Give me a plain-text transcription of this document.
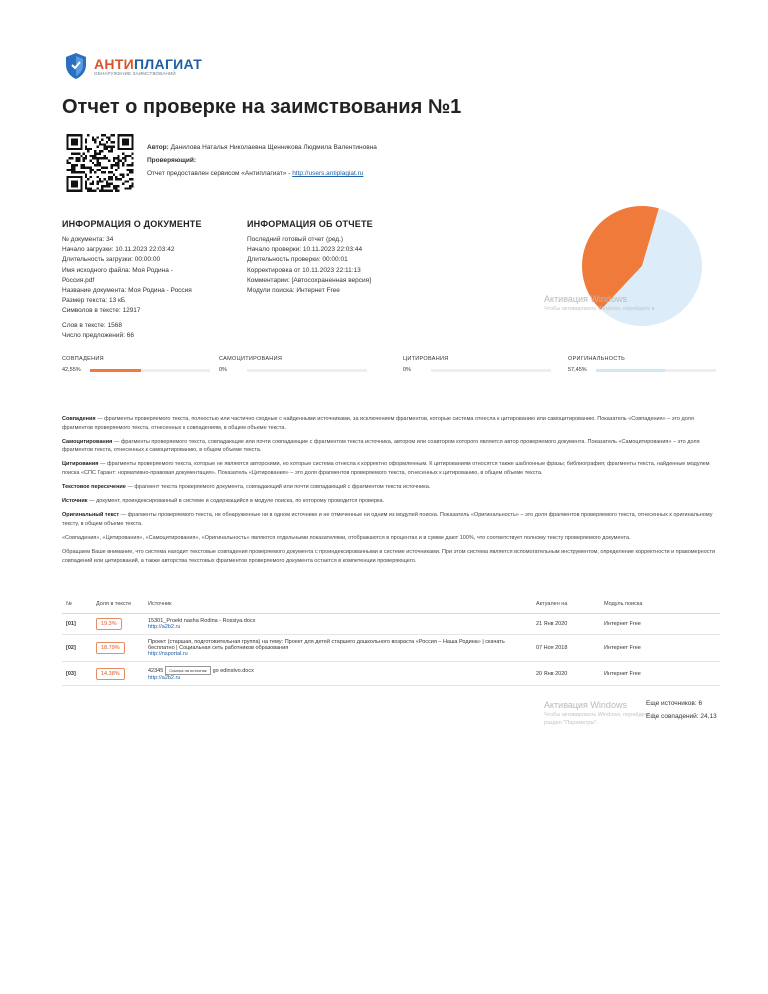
АНТИПЛАГИАТ
ОБНАРУЖЕНИЕ ЗАИМСТВОВАНИЙ
Отчет о проверке на заимствования №1
Автор: Данилова Наталья Николаевна Щенникова Людмила Валентиновна
Проверяющий:
Отчет предоставлен сервисом «Антиплагиат» - http://users.antiplagiat.ru
ИНФОРМАЦИЯ О ДОКУМЕНТЕ
№ документа: 34
Начало загрузки: 10.11.2023 22:03:42
Длительность загрузки: 00:00:00
Имя исходного файла: Моя Родина -
Россия.pdf
Название документа: Моя Родина - Россия
Размер текста: 13 кБ
Символов в тексте: 12917
Слов в тексте: 1568
Число предложений: 66
ИНФОРМАЦИЯ ОБ ОТЧЕТЕ
Последний готовый отчет (ред.)
Начало проверки: 10.11.2023 22:03:44
Длительность проверки: 00:00:01
Корректировка от 10.11.2023 22:11:13
Комментарии: [Автосохраненная версия]
Модули поиска: Интернет Free
Активация Windows
Чтобы активировать Windows, перейдите в
СОВПАДЕНИЯ
42,55%
САМОЦИТИРОВАНИЯ
0%
ЦИТИРОВАНИЯ
0%
ОРИГИНАЛЬНОСТЬ
57,45%

Совпадения — фрагменты проверяемого текста, полностью или частично сходные с найденными источниками, за исключением фрагментов, которые система отнесла к цитированию или самоцитированию. Показатель «Совпадения» – это доля фрагментов проверяемого текста, отнесенных к совпадениям, в общем объеме текста.

Самоцитирования — фрагменты проверяемого текста, совпадающие или почти совпадающие с фрагментом текста источника, автором или соавтором которого является автор проверяемого документа. Показатель «Самоцитирования» – это доля фрагментов текста, отнесенных к самоцитированию, в общем объеме текста.

Цитирования — фрагменты проверяемого текста, которые не являются авторскими, но которые система отнесла к корректно оформленным. К цитированиям относятся также шаблонные фразы; библиография; фрагменты текста, найденные модулем поиска «СПС Гарант: нормативно-правовая документация». Показатель «Цитирования» – это доля фрагментов проверяемого текста, отнесенных к цитированию, в общем объеме текста.

Текстовое пересечение — фрагмент текста проверяемого документа, совпадающий или почти совпадающий с фрагментом текста источника.

Источник — документ, проиндексированный в системе и содержащийся в модуле поиска, по которому проводится проверка.

Оригинальный текст — фрагменты проверяемого текста, не обнаруженные ни в одном источнике и не отмеченные ни одним из модулей поиска. Показатель «Оригинальность» – это доля фрагментов проверяемого текста, отнесенных к оригинальному тексту, в общем объеме текста.

«Совпадения», «Цитирования», «Самоцитирования», «Оригинальность» являются отдельными показателями, отображаются в процентах и в сумме дают 100%, что соответствует полному тексту проверяемого документа.

Обращаем Ваше внимание, что система находит текстовые совпадения проверяемого документа с проиндексированными в системе источниками. При этом система является вспомогательным инструментом, определение корректности и правомерности совпадений или цитирований, а также авторства текстовых фрагментов проверяемого документа остается в компетенции проверяющего.

№	Доля в тексте	Источник	Актуален на	Модуль поиска
[01]	19,3%	15301_Proekt nasha Rodina - Rossiya.docx
http://a2b2.ru	21 Янв 2020	Интернет Free
[02]	18,79%	Проект (старшая, подготовительная группа) на тему: Проект для детей старшего дошкольного возраста «Россия – Наша Родина» | скачать бесплатно | Социальная сеть работников образования
http://nsportal.ru	07 Ноя 2018	Интернет Free
[03]	14,38%	42345 Ссылка на источник go edinstvo.docx
http://a2b2.ru	20 Янв 2020	Интернет Free
Активация Windows
Чтобы активировать Windows, перейдите в
раздел "Параметры".
Еще источников: 6
Еще совпадений: 24,13
